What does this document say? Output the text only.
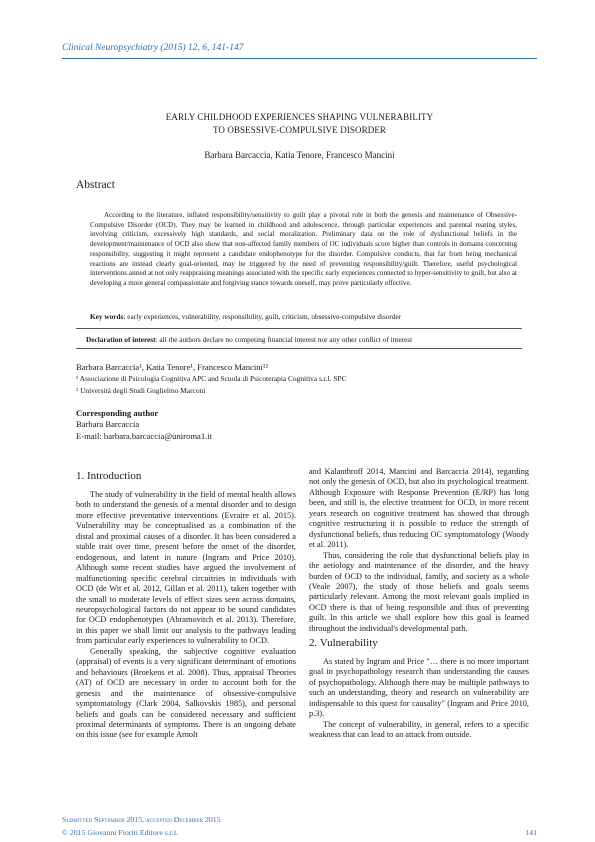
Clinical Neuropsychiatry (2015) 12, 6, 141-147
EARLY CHILDHOOD EXPERIENCES SHAPING VULNERABILITY
TO OBSESSIVE-COMPULSIVE DISORDER
Barbara Barcaccia, Katia Tenore, Francesco Mancini
Abstract
According to the literature, inflated responsibility/sensitivity to guilt play a pivotal role in both the genesis and maintenance of Obsessive-Compulsive Disorder (OCD). They may be learned in childhood and adolescence, through particular experiences and parental rearing styles, involving criticism, excessively high standards, and social moralization. Preliminary data on the role of dysfunctional beliefs in the development/maintenance of OCD also show that non-affected family members of OC individuals score higher than controls in domains concerning responsibility, suggesting it might represent a candidate endophenotype for the disorder. Compulsive conducts, that far from being mechanical reactions are instead clearly goal-oriented, may be triggered by the need of preventing responsibility/guilt. Therefore, useful psychological interventions aimed at not only reappraising meanings associated with the specific early experiences connected to hyper-sensitivity to guilt, but also at developing a more general compassionate and forgiving stance towards oneself, may prove particularly effective.
Key words: early experiences, vulnerability, responsibility, guilt, criticism, obsessive-compulsive disorder
Declaration of interest: all the authors declare no competing financial interest nor any other conflict of interest
Barbara Barcaccia¹, Katia Tenore¹, Francesco Mancini¹²
¹ Associazione di Psicologia Cognitiva APC and Scuola di Psicoterapia Cognitiva s.r.l. SPC
² Università degli Studi Guglielmo Marconi
Corresponding author
Barbara Barcaccia
E-mail: barbara.barcaccia@uniroma1.it
1. Introduction

The study of vulnerability in the field of mental health allows both to understand the genesis of a mental disorder and to design more effective preventative interventions (Evraire et al. 2015). Vulnerability may be conceptualised as a combination of the distal and proximal causes of a disorder. It has been considered a stable trait over time, present before the onset of the disorder, endogenous, and latent in nature (Ingram and Price 2010). Although some recent studies have argued the involvement of malfunctioning specific cerebral circuitries in individuals with OCD (de Wit et al. 2012, Gillan et al. 2011), taken together with the small to moderate levels of effect sizes seen across domains, neuropsychological factors do not appear to be sound candidates for OCD endophenotypes (Abramovitch et al. 2013). Therefore, in this paper we shall limit our analysis to the pathways leading from particular early experiences to vulnerability to OCD.

Generally speaking, the subjective cognitive evaluation (appraisal) of events is a very significant determinant of emotions and behaviours (Broekens et al. 2008). Thus, appraisal Theories (AT) of OCD are necessary in order to account both for the genesis and the maintenance of obsessive-compulsive symptomatology (Clark 2004, Salkovskis 1985), and personal beliefs and goals can be considered necessary and sufficient proximal determinants of symptoms. There is an ongoing debate on this issue (see for example Arnolt

and Kalanthroff 2014, Mancini and Barcaccia 2014), regarding not only the genesis of OCD, but also its psychological treatment. Although Exposure with Response Prevention (E/RP) has long been, and still is, the elective treatment for OCD, in more recent years research on cognitive treatment has showed that through cognitive restructuring it is possible to reduce the strength of dysfunctional beliefs, thus reducing OC symptomatology (Woody et al. 2011).

Thus, considering the role that dysfunctional beliefs play in the aetiology and maintenance of the disorder, and the heavy burden of OCD to the individual, family, and society as a whole (Veale 2007), the study of those beliefs and goals seems particularly relevant. Among the most relevant goals implied in OCD there is that of being responsible and thus of preventing guilt. In this article we shall explore how this goal is learned throughout the individual's developmental path.

2. Vulnerability

As stated by Ingram and Price "… there is no more important goal in psychopathology research than understanding the causes of psychopathology. Although there may be multiple pathways to such an understanding, theory and research on vulnerability are indispensable to this quest for causality" (Ingram and Price 2010, p.3).

The concept of vulnerability, in general, refers to a specific weakness that can lead to an attack from outside.

Submitted September 2015, accepted December 2015
© 2015 Giovanni Fioriti Editore s.r.l.	141
